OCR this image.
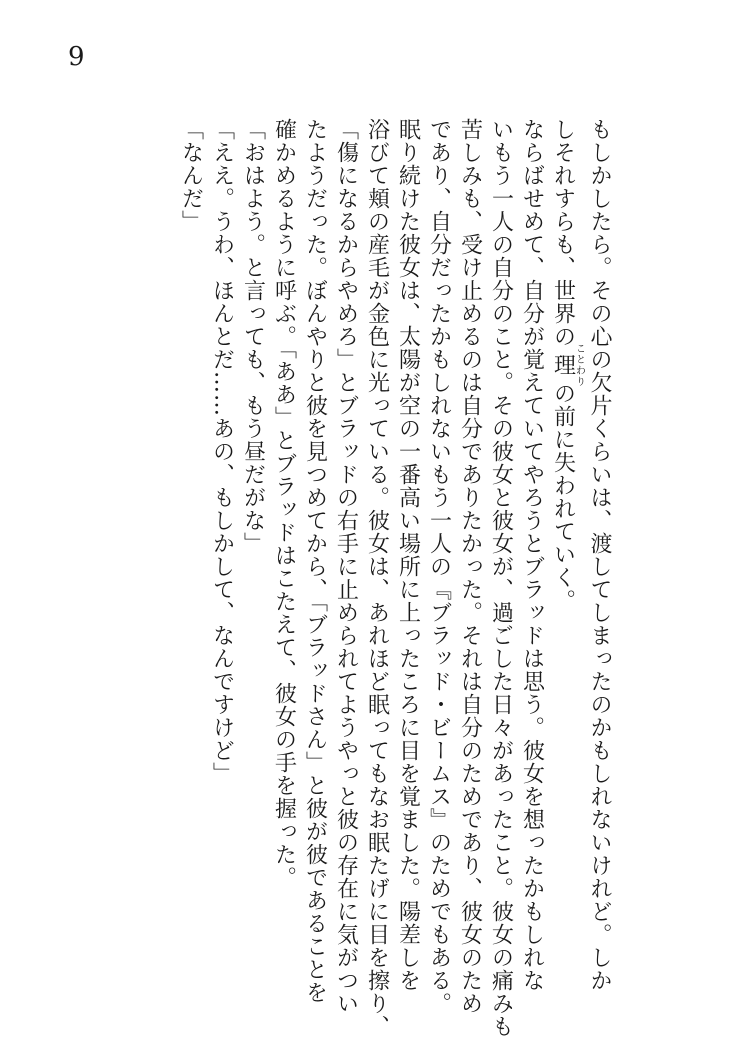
9
もしかしたら。その心の欠片くらいは、渡してしまったのかもしれないけれど。しか
しそれすらも、世界の理ことわりの前に失われていく。
ならばせめて、自分が覚えていてやろうとブラッドは思う。彼女を想ったかもしれな
いもう一人の自分のこと。その彼女と彼女が、過ごした日々があったこと。彼女の痛みも
苦しみも、受け止めるのは自分でありたかった。それは自分のためであり、彼女のため
であり、自分だったかもしれないもう一人の『ブラッド・ビームス』のためでもある。
眠り続けた彼女は、太陽が空の一番高い場所に上ったころに目を覚ました。陽差しを
浴びて頬の産毛が金色に光っている。彼女は、あれほど眠ってもなお眠たげに目を擦り、
「傷になるからやめろ」とブラッドの右手に止められてようやっと彼の存在に気がつい
たようだった。ぼんやりと彼を見つめてから、「ブラッドさん」と彼が彼であることを
確かめるように呼ぶ。「ああ」とブラッドはこたえて、彼女の手を握った。
「おはよう。と言っても、もう昼だがな」
「ええ。うわ、ほんとだ……あの、もしかして、なんですけど」
「なんだ」
